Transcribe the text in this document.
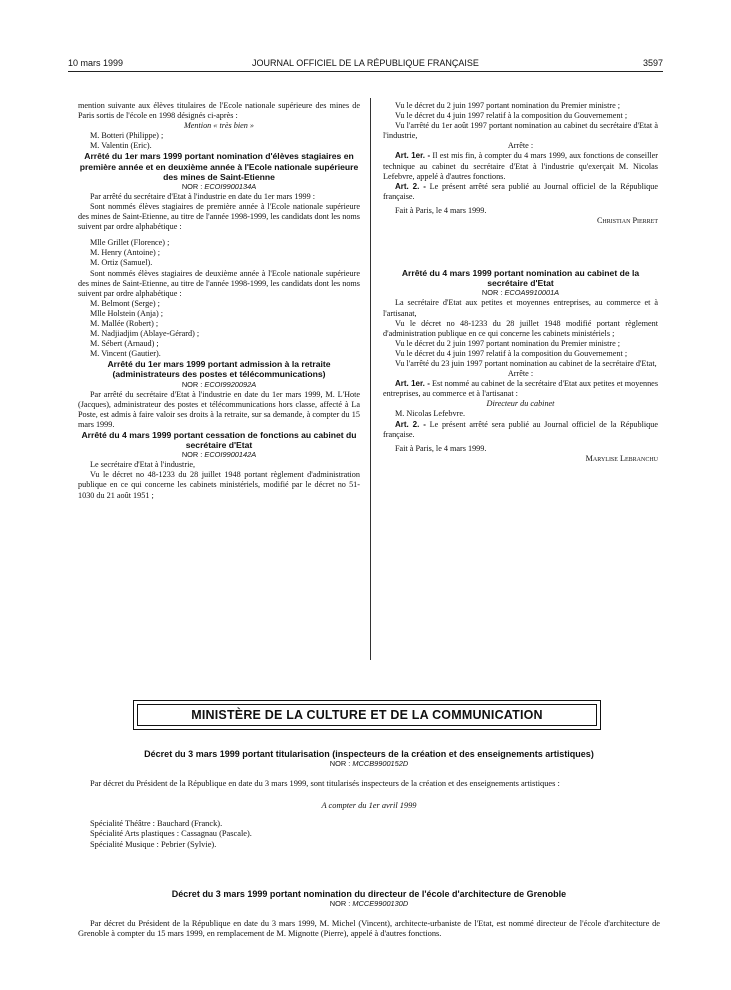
10 mars 1999	JOURNAL OFFICIEL DE LA RÉPUBLIQUE FRANÇAISE	3597

mention suivante aux élèves titulaires de l'Ecole nationale supérieure des mines de Paris sortis de l'école en 1998 désignés ci-après :

Mention « très bien »

M. Botteri (Philippe) ;

M. Valentin (Eric).

Arrêté du 1er mars 1999 portant nomination d'élèves stagiaires en première année et en deuxième année à l'Ecole nationale supérieure des mines de Saint-Etienne

NOR : ECOI9900134A

Par arrêté du secrétaire d'Etat à l'industrie en date du 1er mars 1999 :

Sont nommés élèves stagiaires de première année à l'Ecole nationale supérieure des mines de Saint-Etienne, au titre de l'année 1998-1999, les candidats dont les noms suivent par ordre alphabétique :

Mlle Grillet (Florence) ;

M. Henry (Antoine) ;

M. Ortiz (Samuel).

Sont nommés élèves stagiaires de deuxième année à l'Ecole nationale supérieure des mines de Saint-Etienne, au titre de l'année 1998-1999, les candidats dont les noms suivent par ordre alphabétique :

M. Belmont (Serge) ;

Mlle Holstein (Anja) ;

M. Mallée (Robert) ;

M. Nadjiadjim (Ablaye-Gérard) ;

M. Sébert (Arnaud) ;

M. Vincent (Gautier).

Arrêté du 1er mars 1999 portant admission à la retraite (administrateurs des postes et télécommunications)

NOR : ECOI9920092A

Par arrêté du secrétaire d'Etat à l'industrie en date du 1er mars 1999, M. L'Hote (Jacques), administrateur des postes et télécommunications hors classe, affecté à La Poste, est admis à faire valoir ses droits à la retraite, sur sa demande, à compter du 15 mars 1999.

Arrêté du 4 mars 1999 portant cessation de fonctions au cabinet du secrétaire d'Etat

NOR : ECOI9900142A

Le secrétaire d'Etat à l'industrie,

Vu le décret no 48-1233 du 28 juillet 1948 portant règlement d'administration publique en ce qui concerne les cabinets ministériels, modifié par le décret no 51-1030 du 21 août 1951 ;

Vu le décret du 2 juin 1997 portant nomination du Premier ministre ;

Vu le décret du 4 juin 1997 relatif à la composition du Gouvernement ;

Vu l'arrêté du 1er août 1997 portant nomination au cabinet du secrétaire d'Etat à l'industrie,

Arrête :

Art. 1er. - Il est mis fin, à compter du 4 mars 1999, aux fonctions de conseiller technique au cabinet du secrétaire d'Etat à l'industrie qu'exerçait M. Nicolas Lefebvre, appelé à d'autres fonctions.

Art. 2. - Le présent arrêté sera publié au Journal officiel de la République française.

Fait à Paris, le 4 mars 1999.

Christian Pierret

Arrêté du 4 mars 1999 portant nomination au cabinet de la secrétaire d'Etat

NOR : ECOA9910001A

La secrétaire d'Etat aux petites et moyennes entreprises, au commerce et à l'artisanat,

Vu le décret no 48-1233 du 28 juillet 1948 modifié portant règlement d'administration publique en ce qui concerne les cabinets ministériels ;

Vu le décret du 2 juin 1997 portant nomination du Premier ministre ;

Vu le décret du 4 juin 1997 relatif à la composition du Gouvernement ;

Vu l'arrêté du 23 juin 1997 portant nomination au cabinet de la secrétaire d'Etat,

Arrête :

Art. 1er. - Est nommé au cabinet de la secrétaire d'Etat aux petites et moyennes entreprises, au commerce et à l'artisanat :

Directeur du cabinet

M. Nicolas Lefebvre.

Art. 2. - Le présent arrêté sera publié au Journal officiel de la République française.

Fait à Paris, le 4 mars 1999.

Marylise Lebranchu

MINISTÈRE DE LA CULTURE ET DE LA COMMUNICATION

Décret du 3 mars 1999 portant titularisation (inspecteurs de la création et des enseignements artistiques)

NOR : MCCB9900152D

Par décret du Président de la République en date du 3 mars 1999, sont titularisés inspecteurs de la création et des enseignements artistiques :

A compter du 1er avril 1999

Spécialité Théâtre : Bauchard (Franck).

Spécialité Arts plastiques : Cassagnau (Pascale).

Spécialité Musique : Pebrier (Sylvie).

Décret du 3 mars 1999 portant nomination du directeur de l'école d'architecture de Grenoble

NOR : MCCE9900130D

Par décret du Président de la République en date du 3 mars 1999, M. Michel (Vincent), architecte-urbaniste de l'Etat, est nommé directeur de l'école d'architecture de Grenoble à compter du 15 mars 1999, en remplacement de M. Mignotte (Pierre), appelé à d'autres fonctions.
